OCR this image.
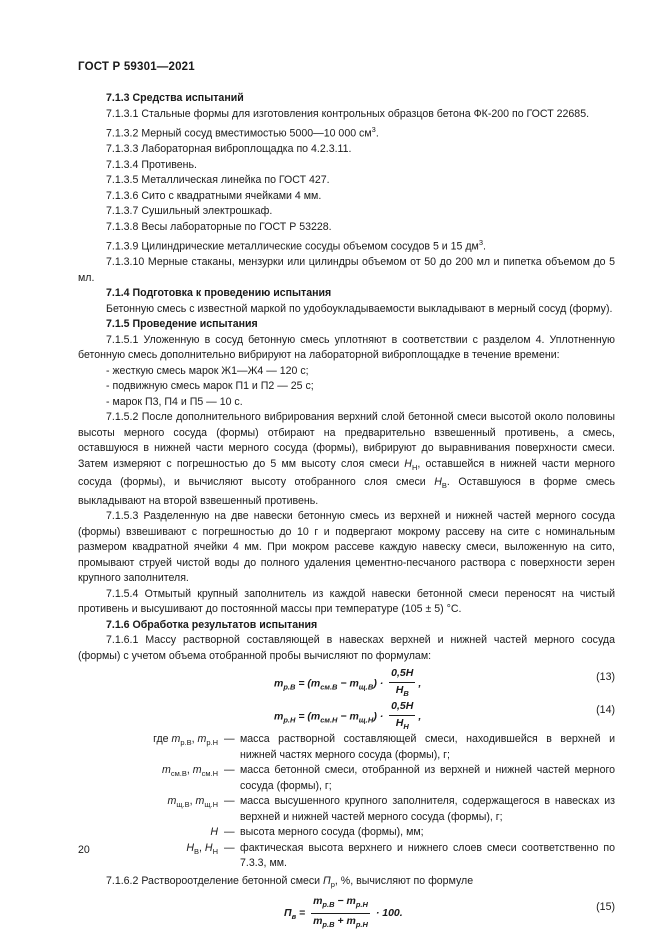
ГОСТ Р 59301—2021

7.1.3 Средства испытаний

7.1.3.1 Стальные формы для изготовления контрольных образцов бетона ФК-200 по ГОСТ 22685.

7.1.3.2 Мерный сосуд вместимостью 5000—10 000 $см^3$.

7.1.3.3 Лабораторная виброплощадка по 4.2.3.11.

7.1.3.4 Противень.

7.1.3.5 Металлическая линейка по ГОСТ 427.

7.1.3.6 Сито с квадратными ячейками 4 мм.

7.1.3.7 Сушильный электрошкаф.

7.1.3.8 Весы лабораторные по ГОСТ Р 53228.

7.1.3.9 Цилиндрические металлические сосуды объемом сосудов 5 и 15 $дм^3$.

7.1.3.10 Мерные стаканы, мензурки или цилиндры объемом от 50 до 200 мл и пипетка объемом до 5 мл.

7.1.4 Подготовка к проведению испытания

Бетонную смесь с известной маркой по удобоукладываемости выкладывают в мерный сосуд (форму).

7.1.5 Проведение испытания

7.1.5.1 Уложенную в сосуд бетонную смесь уплотняют в соответствии с разделом 4. Уплотненную бетонную смесь дополнительно вибрируют на лабораторной виброплощадке в течение времени:

- жесткую смесь марок Ж1—Ж4 — 120 с;

- подвижную смесь марок П1 и П2 — 25 с;

- марок П3, П4 и П5 — 10 с.

7.1.5.2 После дополнительного вибрирования верхний слой бетонной смеси высотой около половины высоты мерного сосуда (формы) отбирают на предварительно взвешенный противень, а смесь, оставшуюся в нижней части мерного сосуда (формы), вибрируют до выравнивания поверхности смеси. Затем измеряют с погрешностью до 5 мм высоту слоя смеси $H_Н$, оставшейся в нижней части мерного сосуда (формы), и вычисляют высоту отобранного слоя смеси $H_В$. Оставшуюся в форме смесь выкладывают на второй взвешенный противень.

7.1.5.3 Разделенную на две навески бетонную смесь из верхней и нижней частей мерного сосуда (формы) взвешивают с погрешностью до 10 г и подвергают мокрому рассеву на сите с номинальным размером квадратной ячейки 4 мм. При мокром рассеве каждую навеску смеси, выложенную на сито, промывают струей чистой воды до полного удаления цементно-песчаного раствора с поверхности зерен крупного заполнителя.

7.1.5.4 Отмытый крупный заполнитель из каждой навески бетонной смеси переносят на чистый противень и высушивают до постоянной массы при температуре (105 ± 5) °С.

7.1.6 Обработка результатов испытания

7.1.6.1 Массу растворной составляющей в навесках верхней и нижней частей мерного сосуда (формы) с учетом объема отобранной пробы вычисляют по формулам:

$m_{р.В} = (m_{см.В} - m_{щ.В}) \cdot \frac{0,5H}{H_В}$ ,
(13)
$m_{р.Н} = (m_{см.Н} - m_{щ.Н}) \cdot \frac{0,5H}{H_Н}$ ,
(14)
где $m_{р.В}$, $m_{р.Н}$ — масса растворной составляющей смеси, находившейся в верхней и нижней частях мерного сосуда (формы), г;
$m_{см.В}$, $m_{см.Н}$ — масса бетонной смеси, отобранной из верхней и нижней частей мерного сосуда (формы), г;
$m_{щ.В}$, $m_{щ.Н}$ — масса высушенного крупного заполнителя, содержащегося в навесках из верхней и нижней частей мерного сосуда (формы), г;
H — высота мерного сосуда (формы), мм;
$H_В$, $H_Н$ — фактическая высота верхнего и нижнего слоев смеси соответственно по 7.3.3, мм.

7.1.6.2 Раствороотделение бетонной смеси $П_р$, %, вычисляют по формуле

$П_в = \frac{m_{р.В} - m_{р.Н}}{m_{р.В} + m_{р.Н}} \cdot 100$.	(15)
20
